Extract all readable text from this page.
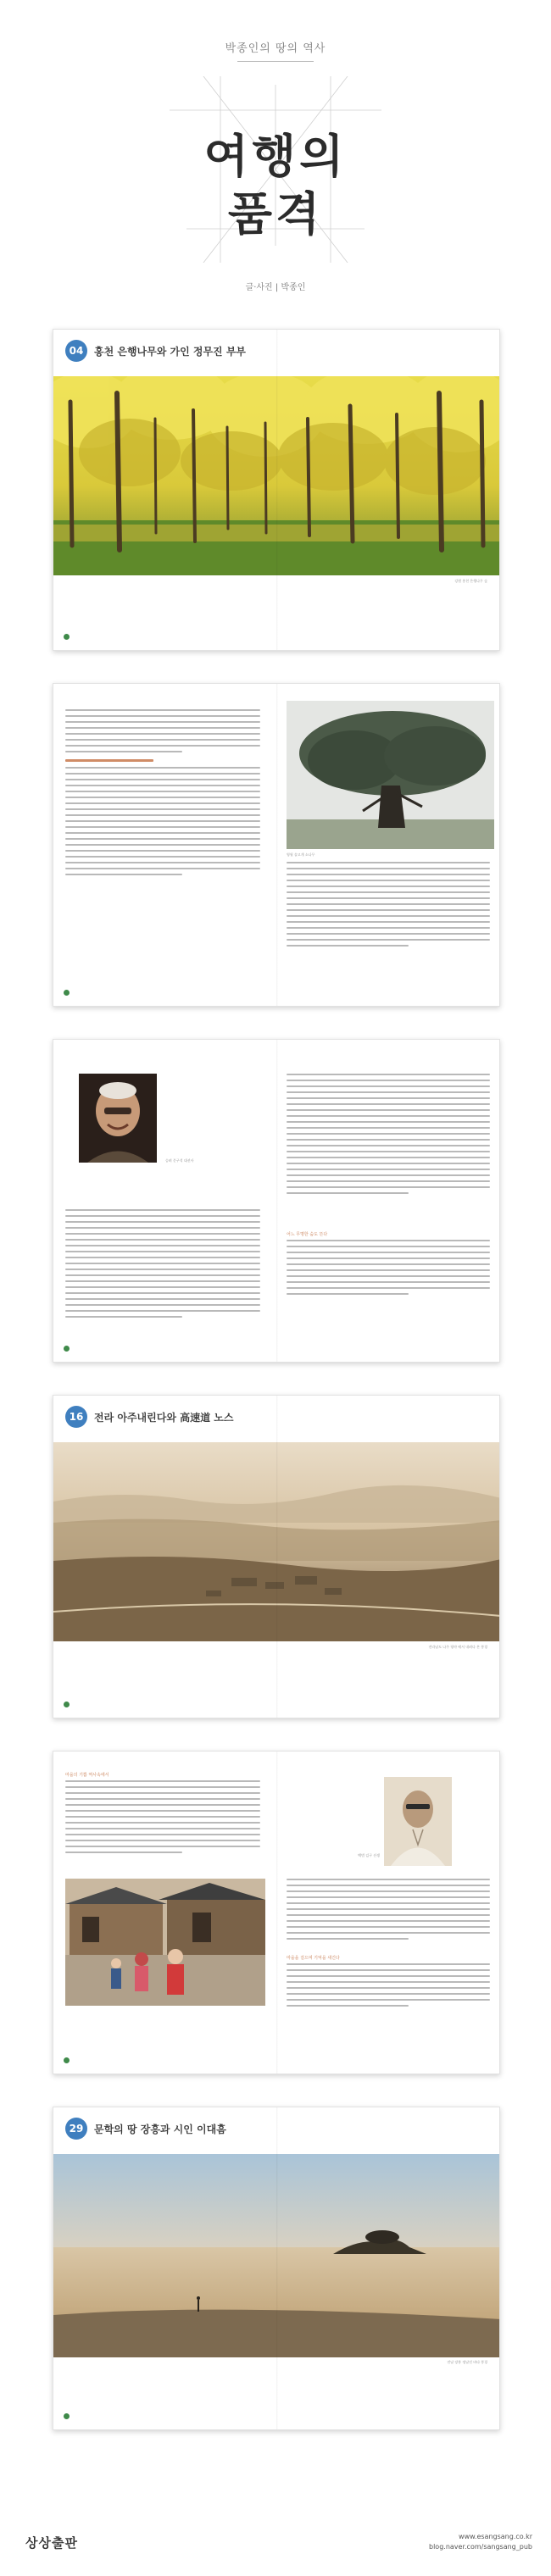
박종인의 땅의 역사
여행의
품격
글·사진 | 박종인
04	홍천 은행나무와 가인 정무진 부부
강원 홍천 은행나무 숲
영월 솔고개 소나무
승려 문구석 대선사
어느 무명한 숨도 뜬다
16	전라 아주내린다와 高速道 노스
전라남도 나주 평야 에서 내려다 본 풍경
마을의 기쁨 역사속에서
백범 김구 선생
마을을 걸으며 기억을 새긴다
29	문학의 땅 장흥과 시인 이대흠
전남 장흥 정남진 바다 풍경
상상출판	www.esangsang.co.kr
blog.naver.com/sangsang_pub
